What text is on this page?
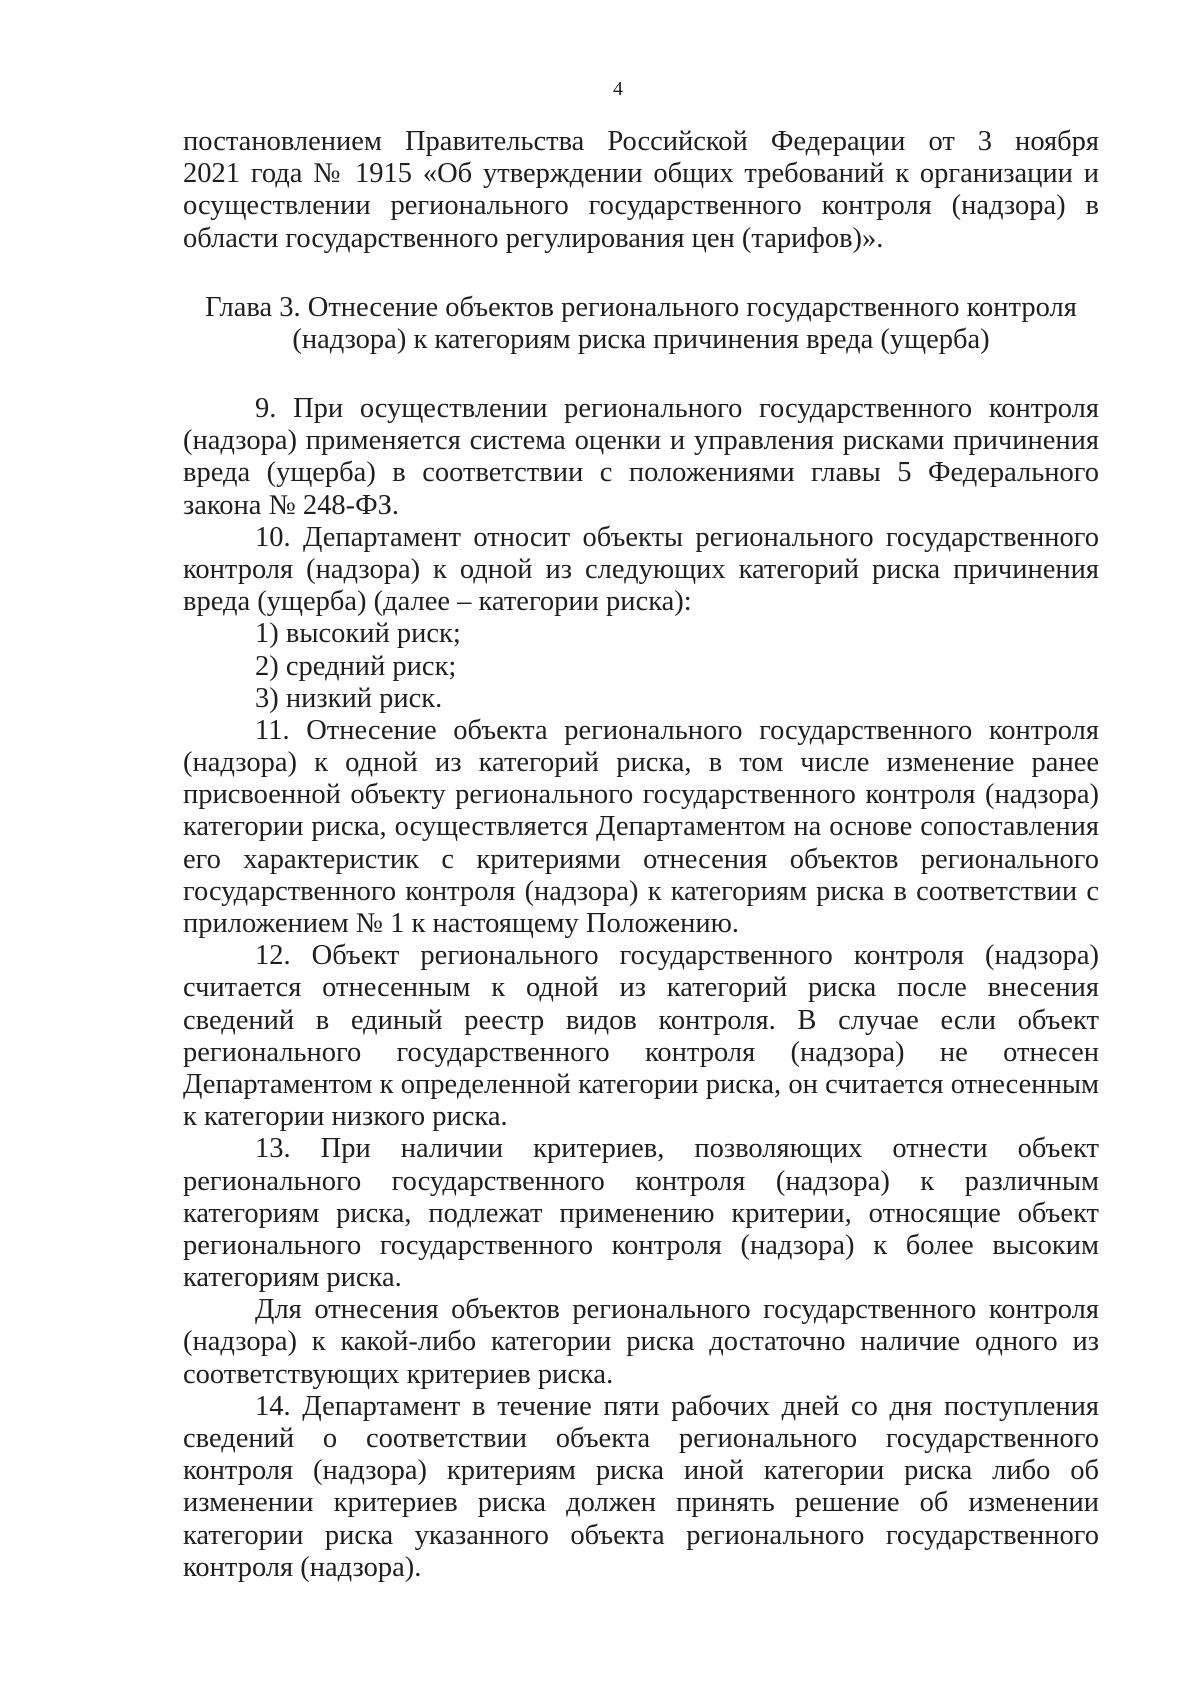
4
постановлением Правительства Российской Федерации от 3 ноября
2021 года № 1915 «Об утверждении общих требований к организации и
осуществлении регионального государственного контроля (надзора) в
области государственного регулирования цен (тарифов)».
Глава 3. Отнесение объектов регионального государственного контроля
(надзора) к категориям риска причинения вреда (ущерба)
9. При осуществлении регионального государственного контроля
(надзора) применяется система оценки и управления рисками причинения
вреда (ущерба) в соответствии с положениями главы 5 Федерального
закона № 248-ФЗ.
10. Департамент относит объекты регионального государственного
контроля (надзора) к одной из следующих категорий риска причинения
вреда (ущерба) (далее – категории риска):
1) высокий риск;
2) средний риск;
3) низкий риск.
11. Отнесение объекта регионального государственного контроля
(надзора) к одной из категорий риска, в том числе изменение ранее
присвоенной объекту регионального государственного контроля (надзора)
категории риска, осуществляется Департаментом на основе сопоставления
его характеристик с критериями отнесения объектов регионального
государственного контроля (надзора) к категориям риска в соответствии с
приложением № 1 к настоящему Положению.
12. Объект регионального государственного контроля (надзора)
считается отнесенным к одной из категорий риска после внесения
сведений в единый реестр видов контроля. В случае если объект
регионального государственного контроля (надзора) не отнесен
Департаментом к определенной категории риска, он считается отнесенным
к категории низкого риска.
13. При наличии критериев, позволяющих отнести объект
регионального государственного контроля (надзора) к различным
категориям риска, подлежат применению критерии, относящие объект
регионального государственного контроля (надзора) к более высоким
категориям риска.
Для отнесения объектов регионального государственного контроля
(надзора) к какой-либо категории риска достаточно наличие одного из
соответствующих критериев риска.
14. Департамент в течение пяти рабочих дней со дня поступления
сведений о соответствии объекта регионального государственного
контроля (надзора) критериям риска иной категории риска либо об
изменении критериев риска должен принять решение об изменении
категории риска указанного объекта регионального государственного
контроля (надзора).
